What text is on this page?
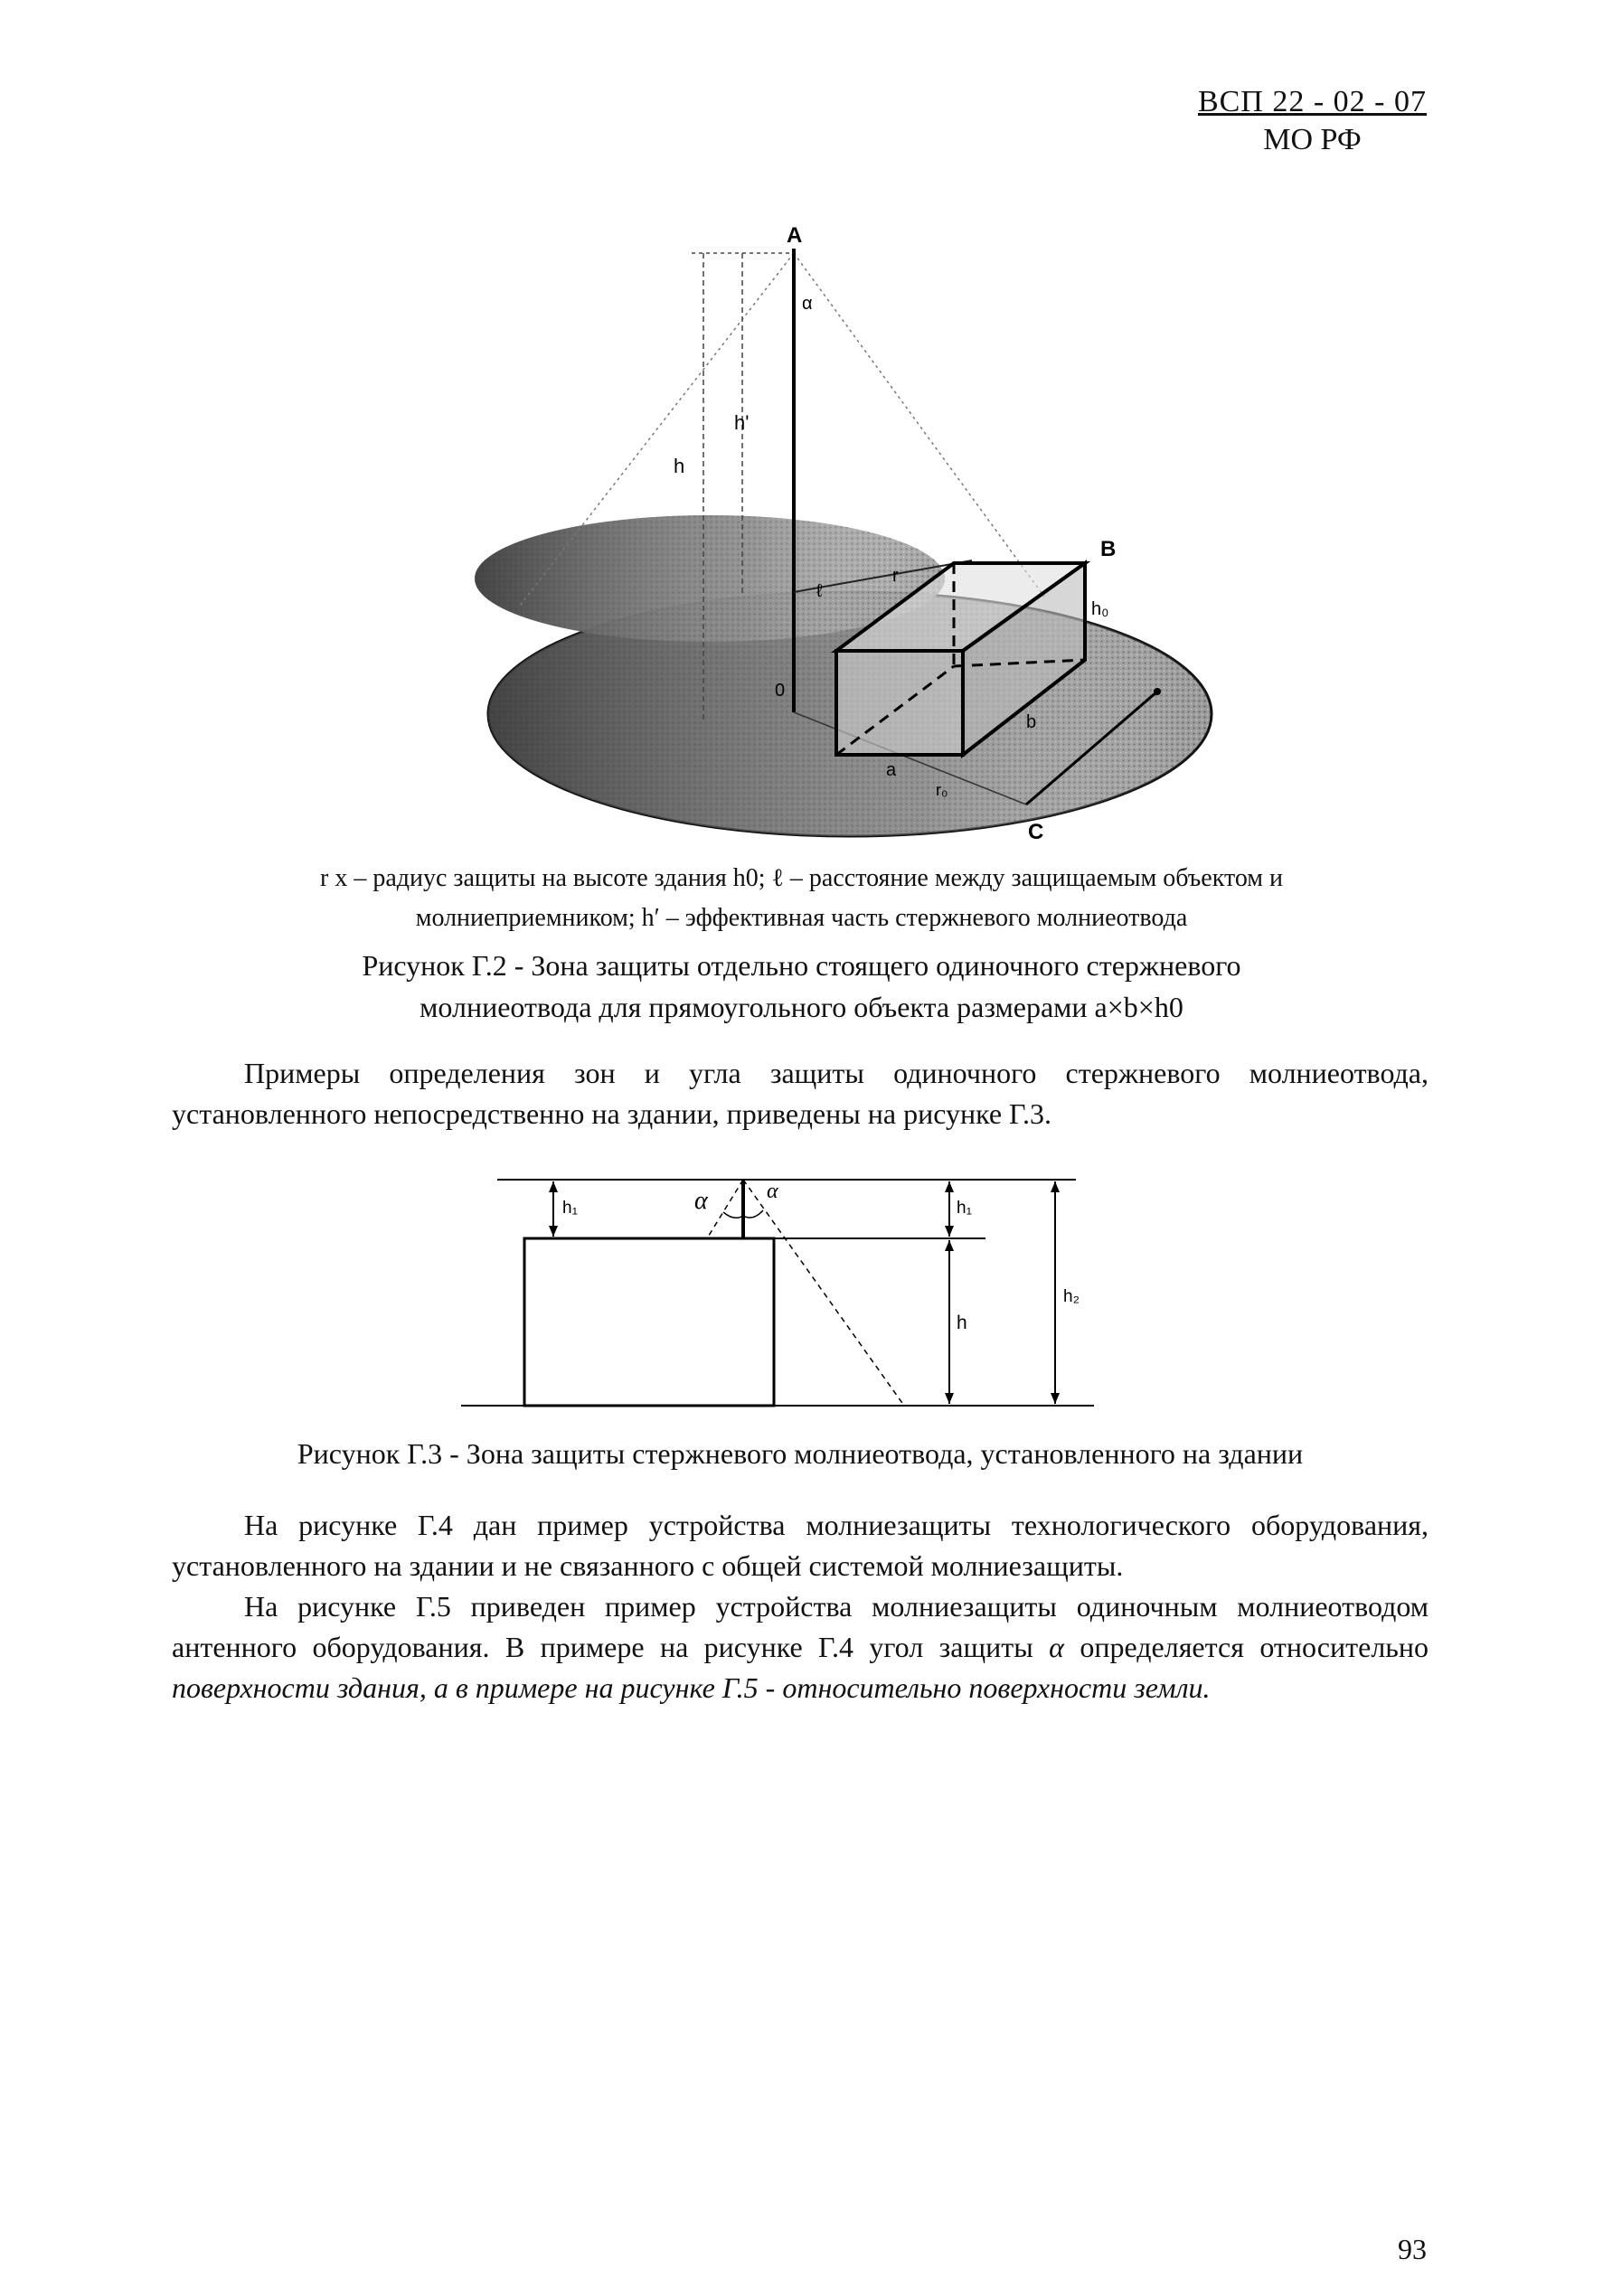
ВСП 22 - 02 - 07
МО РФ
A
α
h'
h
B
h₀
r
ℓ
0
b
a
r₀
C
r x – радиус защиты на высоте здания h0; ℓ – расстояние между защищаемым объектом и
молниеприемником; h′ – эффективная часть стержневого молниеотвода
Рисунок Г.2 - Зона защиты отдельно стоящего одиночного стержневого
молниеотвода для прямоугольного объекта размерами a×b×h0

Примеры определения зон и угла защиты одиночного стержневого молниеотвода, установленного непосредственно на здании, приведены на рисунке Г.3.

h₁	h₁
h
h₂
α	α
Рисунок Г.3 - Зона защиты стержневого молниеотвода, установленного на здании

На рисунке Г.4 дан пример устройства молниезащиты технологического оборудования, установленного на здании и не связанного с общей системой молниезащиты.

На рисунке Г.5 приведен пример устройства молниезащиты одиночным молниеотводом антенного оборудования. В примере на рисунке Г.4 угол защиты α определяется относительно поверхности здания, а в примере на рисунке Г.5 - относительно поверхности земли.

93
